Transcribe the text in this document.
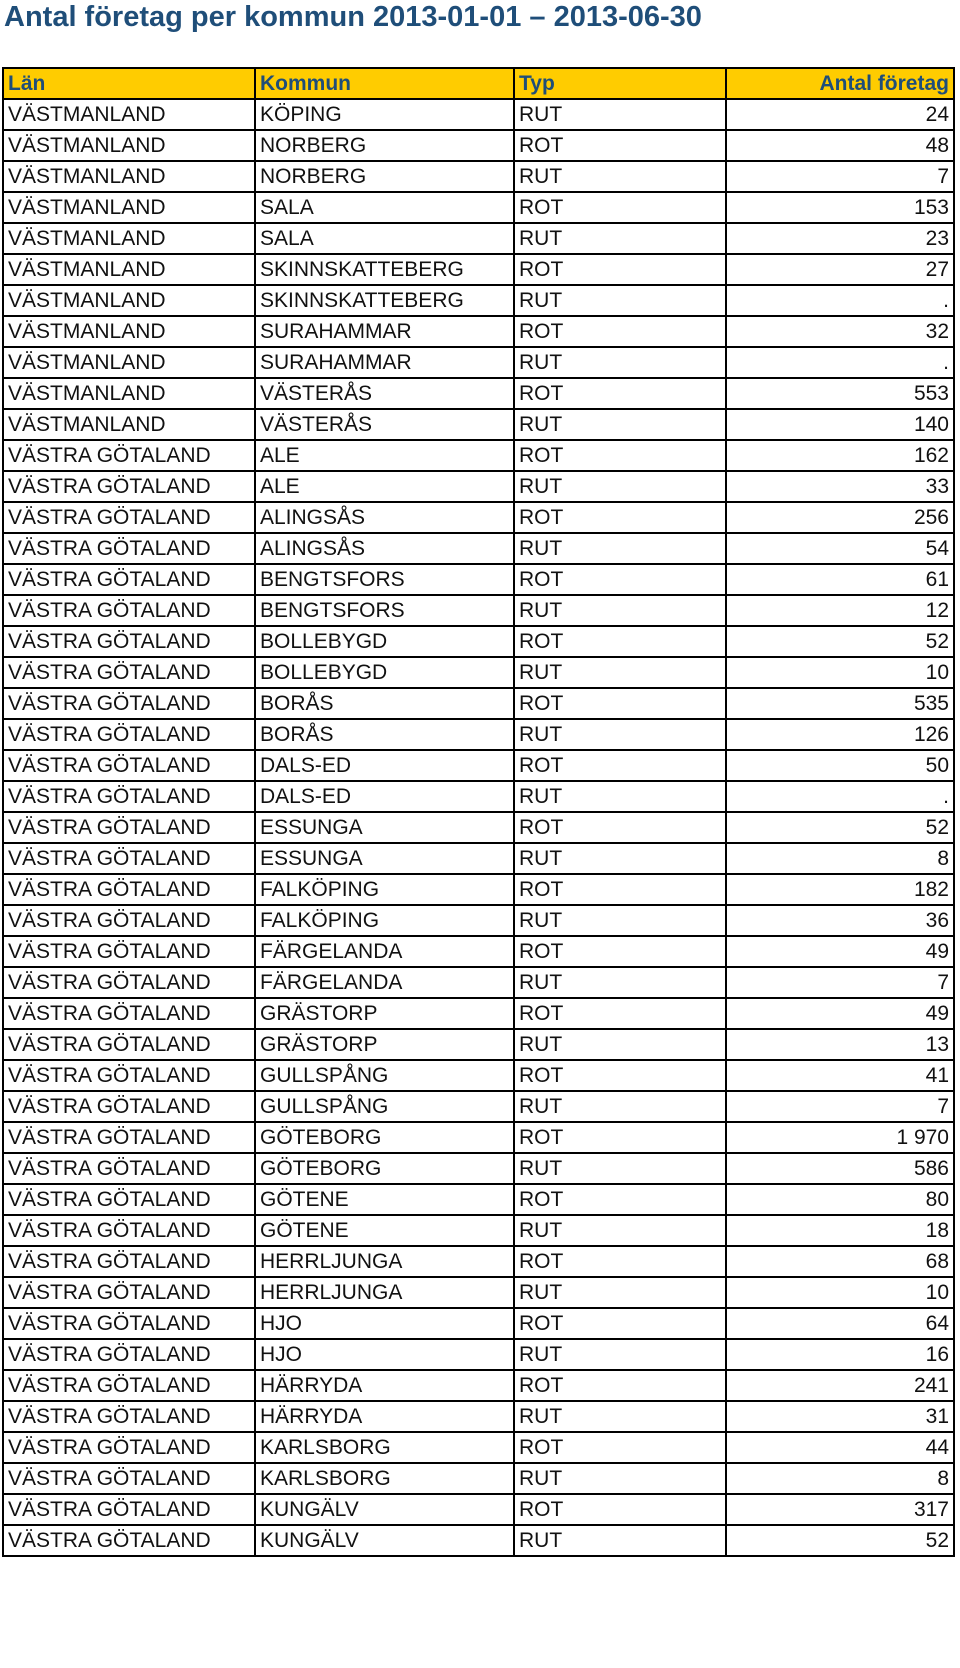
Antal företag per kommun 2013-01-01 – 2013-06-30
Län	Kommun	Typ	Antal företag
VÄSTMANLAND	KÖPING	RUT	24
VÄSTMANLAND	NORBERG	ROT	48
VÄSTMANLAND	NORBERG	RUT	7
VÄSTMANLAND	SALA	ROT	153
VÄSTMANLAND	SALA	RUT	23
VÄSTMANLAND	SKINNSKATTEBERG	ROT	27
VÄSTMANLAND	SKINNSKATTEBERG	RUT	.
VÄSTMANLAND	SURAHAMMAR	ROT	32
VÄSTMANLAND	SURAHAMMAR	RUT	.
VÄSTMANLAND	VÄSTERÅS	ROT	553
VÄSTMANLAND	VÄSTERÅS	RUT	140
VÄSTRA GÖTALAND	ALE	ROT	162
VÄSTRA GÖTALAND	ALE	RUT	33
VÄSTRA GÖTALAND	ALINGSÅS	ROT	256
VÄSTRA GÖTALAND	ALINGSÅS	RUT	54
VÄSTRA GÖTALAND	BENGTSFORS	ROT	61
VÄSTRA GÖTALAND	BENGTSFORS	RUT	12
VÄSTRA GÖTALAND	BOLLEBYGD	ROT	52
VÄSTRA GÖTALAND	BOLLEBYGD	RUT	10
VÄSTRA GÖTALAND	BORÅS	ROT	535
VÄSTRA GÖTALAND	BORÅS	RUT	126
VÄSTRA GÖTALAND	DALS-ED	ROT	50
VÄSTRA GÖTALAND	DALS-ED	RUT	.
VÄSTRA GÖTALAND	ESSUNGA	ROT	52
VÄSTRA GÖTALAND	ESSUNGA	RUT	8
VÄSTRA GÖTALAND	FALKÖPING	ROT	182
VÄSTRA GÖTALAND	FALKÖPING	RUT	36
VÄSTRA GÖTALAND	FÄRGELANDA	ROT	49
VÄSTRA GÖTALAND	FÄRGELANDA	RUT	7
VÄSTRA GÖTALAND	GRÄSTORP	ROT	49
VÄSTRA GÖTALAND	GRÄSTORP	RUT	13
VÄSTRA GÖTALAND	GULLSPÅNG	ROT	41
VÄSTRA GÖTALAND	GULLSPÅNG	RUT	7
VÄSTRA GÖTALAND	GÖTEBORG	ROT	1 970
VÄSTRA GÖTALAND	GÖTEBORG	RUT	586
VÄSTRA GÖTALAND	GÖTENE	ROT	80
VÄSTRA GÖTALAND	GÖTENE	RUT	18
VÄSTRA GÖTALAND	HERRLJUNGA	ROT	68
VÄSTRA GÖTALAND	HERRLJUNGA	RUT	10
VÄSTRA GÖTALAND	HJO	ROT	64
VÄSTRA GÖTALAND	HJO	RUT	16
VÄSTRA GÖTALAND	HÄRRYDA	ROT	241
VÄSTRA GÖTALAND	HÄRRYDA	RUT	31
VÄSTRA GÖTALAND	KARLSBORG	ROT	44
VÄSTRA GÖTALAND	KARLSBORG	RUT	8
VÄSTRA GÖTALAND	KUNGÄLV	ROT	317
VÄSTRA GÖTALAND	KUNGÄLV	RUT	52
